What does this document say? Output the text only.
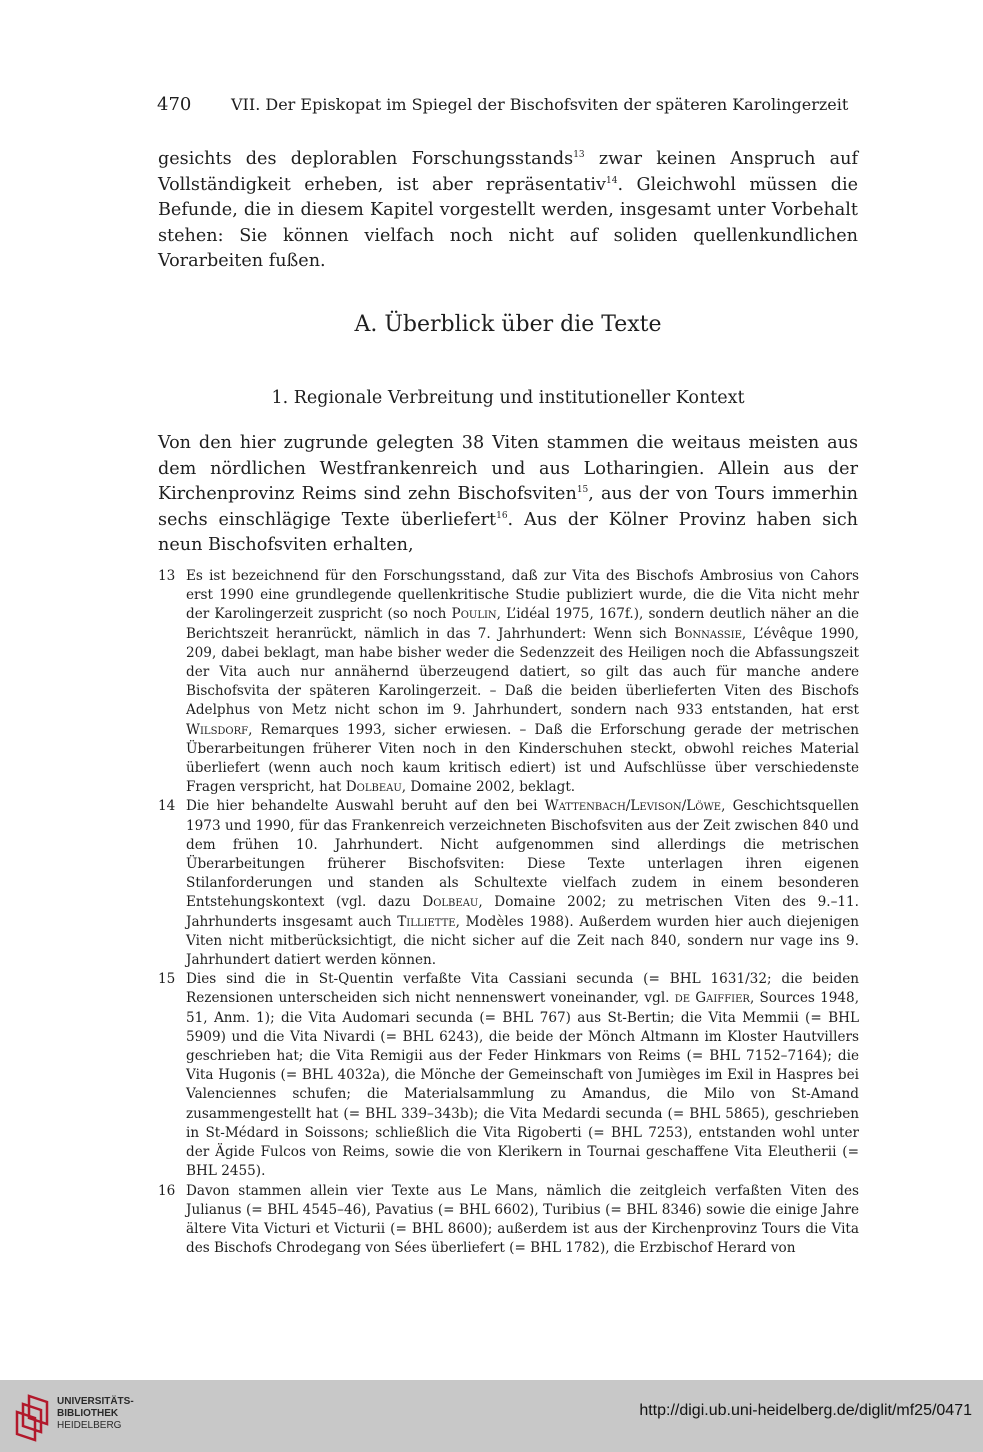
470 VII. Der Episkopat im Spiegel der Bischofsviten der späteren Karolingerzeit

gesichts des deplorablen Forschungsstands$^{13}$ zwar keinen Anspruch auf Vollständigkeit erheben, ist aber repräsentativ$^{14}$. Gleichwohl müssen die Befunde, die in diesem Kapitel vorgestellt werden, insgesamt unter Vorbehalt stehen: Sie können vielfach noch nicht auf soliden quellenkundlichen Vorarbeiten fußen.

A. Überblick über die Texte
1. Regionale Verbreitung und institutioneller Kontext

Von den hier zugrunde gelegten 38 Viten stammen die weitaus meisten aus dem nördlichen Westfrankenreich und aus Lotharingien. Allein aus der Kirchenprovinz Reims sind zehn Bischofsviten$^{15}$, aus der von Tours immerhin sechs einschlägige Texte überliefert$^{16}$. Aus der Kölner Provinz haben sich neun Bischofsviten erhalten,

13 Es ist bezeichnend für den Forschungsstand, daß zur Vita des Bischofs Ambrosius von Cahors erst 1990 eine grundlegende quellenkritische Studie publiziert wurde, die die Vita nicht mehr der Karolingerzeit zuspricht (so noch Poulin, L’idéal 1975, 167f.), sondern deutlich näher an die Berichtszeit heranrückt, nämlich in das 7. Jahrhundert: Wenn sich Bonnassie, L’évêque 1990, 209, dabei beklagt, man habe bisher weder die Sedenzzeit des Heiligen noch die Abfassungszeit der Vita auch nur annähernd überzeugend datiert, so gilt das auch für manche andere Bischofsvita der späteren Karolingerzeit. – Daß die beiden überlieferten Viten des Bischofs Adelphus von Metz nicht schon im 9. Jahrhundert, sondern nach 933 entstanden, hat erst Wilsdorf, Remarques 1993, sicher erwiesen. – Daß die Erforschung gerade der metrischen Überarbeitungen früherer Viten noch in den Kinderschuhen steckt, obwohl reiches Material überliefert (wenn auch noch kaum kritisch ediert) ist und Aufschlüsse über verschiedenste Fragen verspricht, hat Dolbeau, Domaine 2002, beklagt.
14 Die hier behandelte Auswahl beruht auf den bei Wattenbach/Levison/Löwe, Geschichtsquellen 1973 und 1990, für das Frankenreich verzeichneten Bischofsviten aus der Zeit zwischen 840 und dem frühen 10. Jahrhundert. Nicht aufgenommen sind allerdings die metrischen Überarbeitungen früherer Bischofsviten: Diese Texte unterlagen ihren eigenen Stilanforderungen und standen als Schultexte vielfach zudem in einem besonderen Entstehungskontext (vgl. dazu Dolbeau, Domaine 2002; zu metrischen Viten des 9.–11. Jahrhunderts insgesamt auch Tilliette, Modèles 1988). Außerdem wurden hier auch diejenigen Viten nicht mitberücksichtigt, die nicht sicher auf die Zeit nach 840, sondern nur vage ins 9. Jahrhundert datiert werden können.
15 Dies sind die in St-Quentin verfaßte Vita Cassiani secunda (= BHL 1631/32; die beiden Rezensionen unterscheiden sich nicht nennenswert voneinander, vgl. de Gaiffier, Sources 1948, 51, Anm. 1); die Vita Audomari secunda (= BHL 767) aus St-Bertin; die Vita Memmii (= BHL 5909) und die Vita Nivardi (= BHL 6243), die beide der Mönch Altmann im Kloster Hautvillers geschrieben hat; die Vita Remigii aus der Feder Hinkmars von Reims (= BHL 7152–7164); die Vita Hugonis (= BHL 4032a), die Mönche der Gemeinschaft von Jumièges im Exil in Haspres bei Valenciennes schufen; die Materialsammlung zu Amandus, die Milo von St-Amand zusammengestellt hat (= BHL 339–343b); die Vita Medardi secunda (= BHL 5865), geschrieben in St-Médard in Soissons; schließlich die Vita Rigoberti (= BHL 7253), entstanden wohl unter der Ägide Fulcos von Reims, sowie die von Klerikern in Tournai geschaffene Vita Eleutherii (= BHL 2455).
16 Davon stammen allein vier Texte aus Le Mans, nämlich die zeitgleich verfaßten Viten des Julianus (= BHL 4545–46), Pavatius (= BHL 6602), Turibius (= BHL 8346) sowie die einige Jahre ältere Vita Victuri et Victurii (= BHL 8600); außerdem ist aus der Kirchenprovinz Tours die Vita des Bischofs Chrodegang von Sées überliefert (= BHL 1782), die Erzbischof Herard von
UNIVERSITÄTS-
BIBLIOTHEK
HEIDELBERG
http://digi.ub.uni-heidelberg.de/diglit/mf25/0471
